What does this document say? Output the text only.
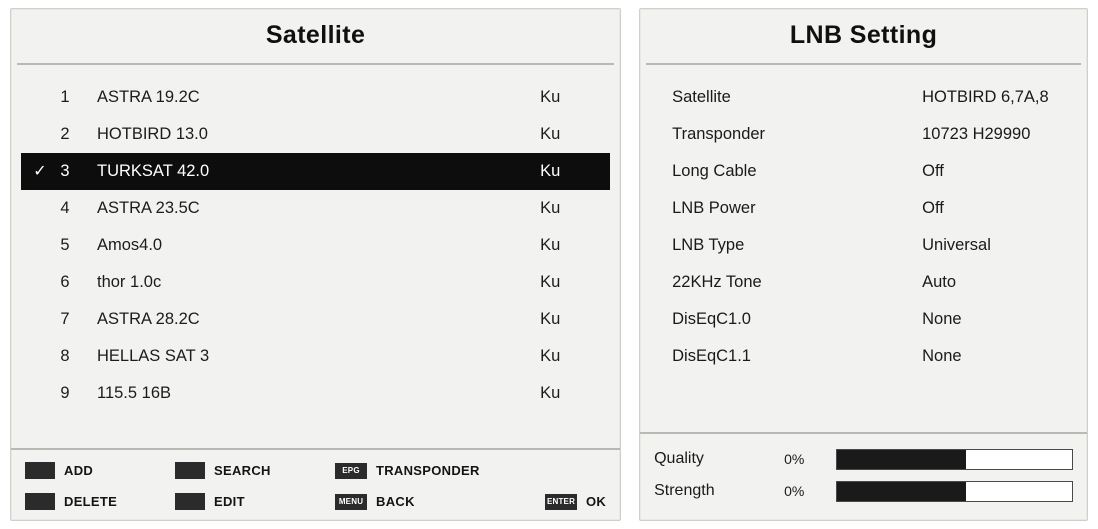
Satellite
1	ASTRA 19.2C	Ku
2	HOTBIRD 13.0	Ku
✓ 3	TURKSAT 42.0	Ku
4	ASTRA 23.5C	Ku
5	Amos4.0	Ku
6	thor 1.0c	Ku
7	ASTRA 28.2C	Ku
8	HELLAS SAT 3	Ku
9	115.5 16B	Ku
ADD	SEARCH	EPG	TRANSPONDER
DELETE	EDIT	MENU BACK	ENTER OK
LNB Setting
Satellite	HOTBIRD 6,7A,8
Transponder	10723 H29990
Long Cable	Off
LNB Power	Off
LNB Type	Universal
22KHz Tone	Auto
DisEqC1.0	None
DisEqC1.1	None
Quality	0%
Strength	0%
